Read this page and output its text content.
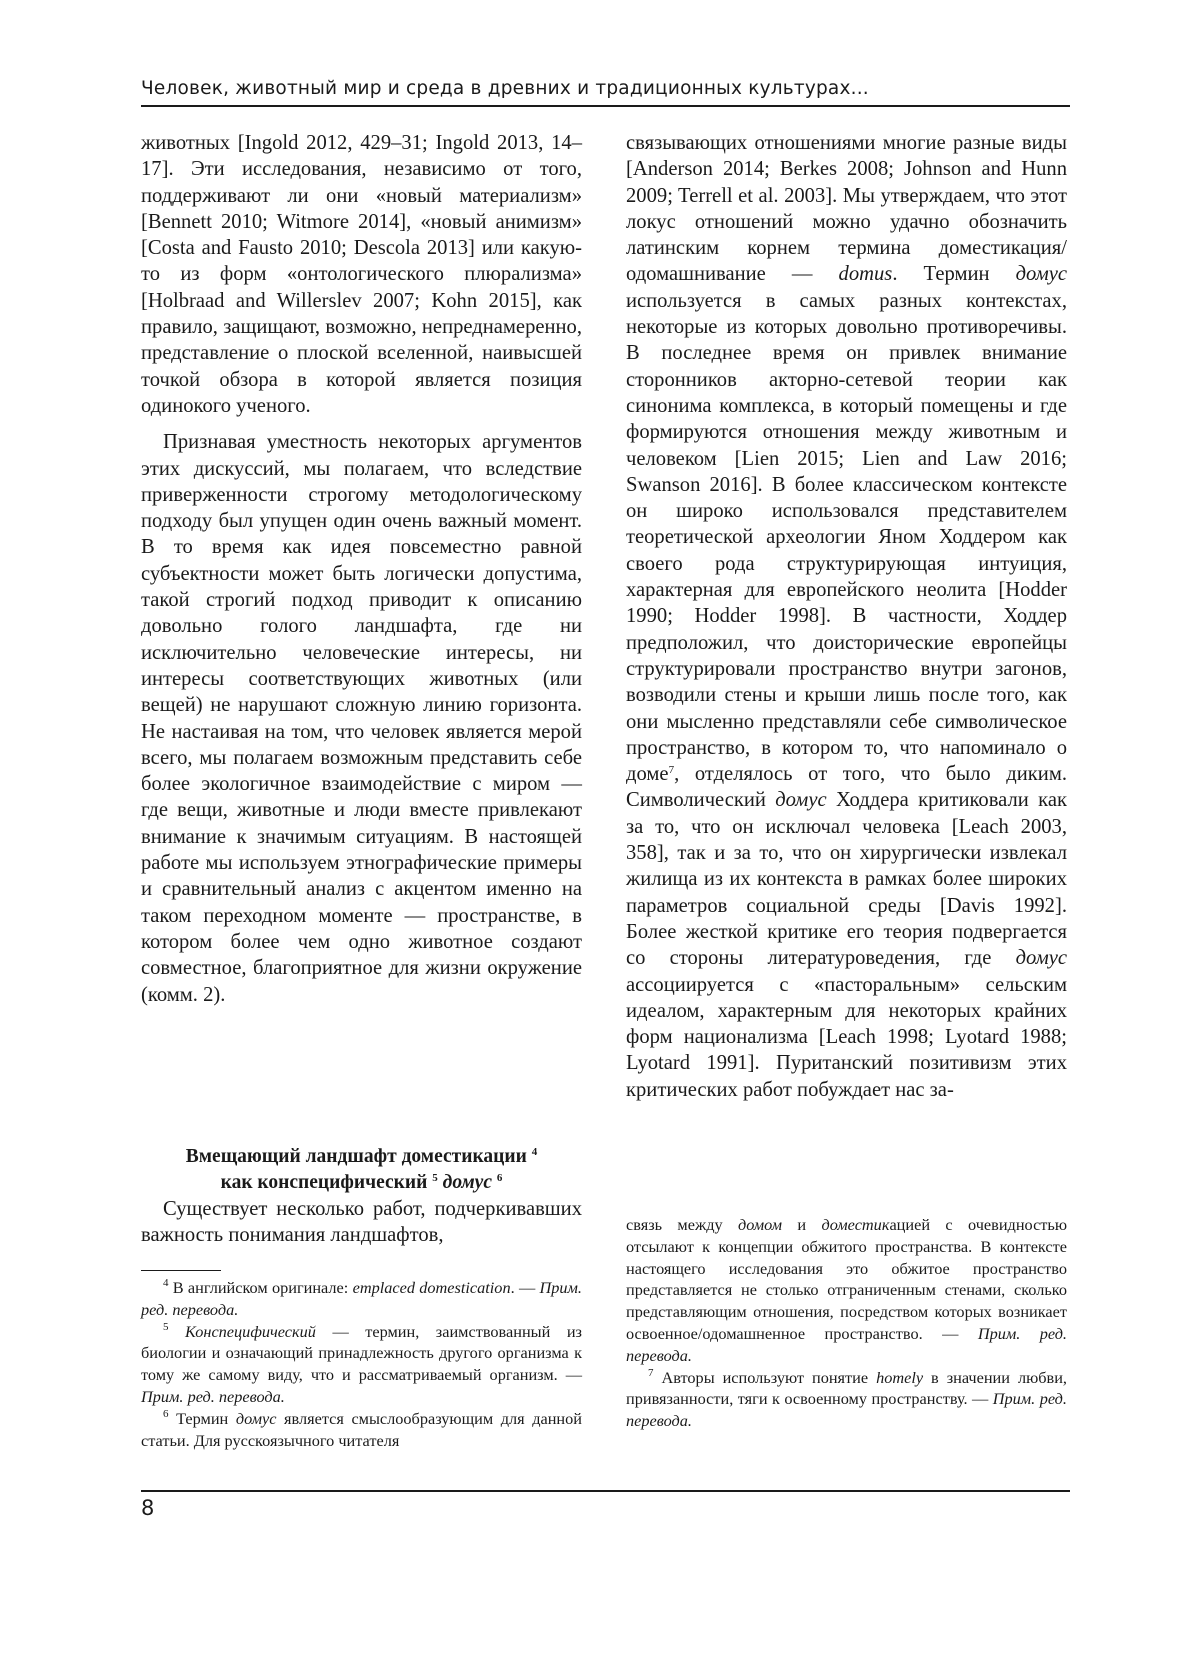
Человек, животный мир и среда в древних и традиционных культурах...

животных [Ingold 2012, 429–31; Ingold 2013, 14–17]. Эти исследования, независимо от того, поддерживают ли они «новый материализм» [Bennett 2010; Witmore 2014], «новый анимизм» [Costa and Fausto 2010; Descola 2013] или какую-то из форм «онтологического плюрализма» [Holbraad and Willerslev 2007; Kohn 2015], как правило, защищают, возможно, непреднамеренно, представление о плоской вселенной, наивысшей точкой обзора в которой является позиция одинокого ученого.

Признавая уместность некоторых аргументов этих дискуссий, мы полагаем, что вследствие приверженности строгому методологическому подходу был упущен один очень важный момент. В то время как идея повсеместно равной субъектности может быть логически допустима, такой строгий подход приводит к описанию довольно голого ландшафта, где ни исключительно человеческие интересы, ни интересы соответствующих животных (или вещей) не нарушают сложную линию горизонта. Не настаивая на том, что человек является мерой всего, мы полагаем возможным представить себе более экологичное взаимодействие с миром — где вещи, животные и люди вместе привлекают внимание к значимым ситуациям. В настоящей работе мы используем этнографические примеры и сравнительный анализ с акцентом именно на таком переходном моменте — пространстве, в котором более чем одно животное создают совместное, благоприятное для жизни окружение (комм. 2).

Вмещающий ландшафт доместикации $^4$
как конспецифический $^5$ домус $^6$

Существует несколько работ, подчеркивавших важность понимания ландшафтов,

связывающих отношениями многие разные виды [Anderson 2014; Berkes 2008; Johnson and Hunn 2009; Terrell et al. 2003]. Мы утверждаем, что этот локус отношений можно удачно обозначить латинским корнем термина доместикация/одомашнивание — domus. Термин домус используется в самых разных контекстах, некоторые из которых довольно противоречивы. В последнее время он привлек внимание сторонников акторно-сетевой теории как синонима комплекса, в который помещены и где формируются отношения между животным и человеком [Lien 2015; Lien and Law 2016; Swanson 2016]. В более классическом контексте он широко использовался представителем теоретической археологии Яном Ходдером как своего рода структурирующая интуиция, характерная для европейского неолита [Hodder 1990; Hodder 1998]. В частности, Ходдер предположил, что доисторические европейцы структурировали пространство внутри загонов, возводили стены и крыши лишь после того, как они мысленно представляли себе символическое пространство, в котором то, что напоминало о доме$^7$, отделялось от того, что было диким. Символический домус Ходдера критиковали как за то, что он исключал человека [Leach 2003, 358], так и за то, что он хирургически извлекал жилища из их контекста в рамках более широких параметров социальной среды [Davis 1992]. Более жесткой критике его теория подвергается со стороны литературоведения, где домус ассоциируется с «пасторальным» сельским идеалом, характерным для некоторых крайних форм национализма [Leach 1998; Lyotard 1988; Lyotard 1991]. Пуританский позитивизм этих критических работ побуждает нас за-

$^4$ В английском оригинале: emplaced domestication. — Прим. ред. перевода.

$^5$ Конспецифический — термин, заимствованный из биологии и означающий принадлежность другого организма к тому же самому виду, что и рассматриваемый организм. — Прим. ред. перевода.

$^6$ Термин домус является смыслообразующим для данной статьи. Для русскоязычного читателя

связь между домом и доместикацией с очевидностью отсылают к концепции обжитого пространства. В контексте настоящего исследования это обжитое пространство представляется не столько отграниченным стенами, сколько представляющим отношения, посредством которых возникает освоенное/одомашненное пространство. — Прим. ред. перевода.

$^7$ Авторы используют понятие homely в значении любви, привязанности, тяги к освоенному пространству. — Прим. ред. перевода.

8
